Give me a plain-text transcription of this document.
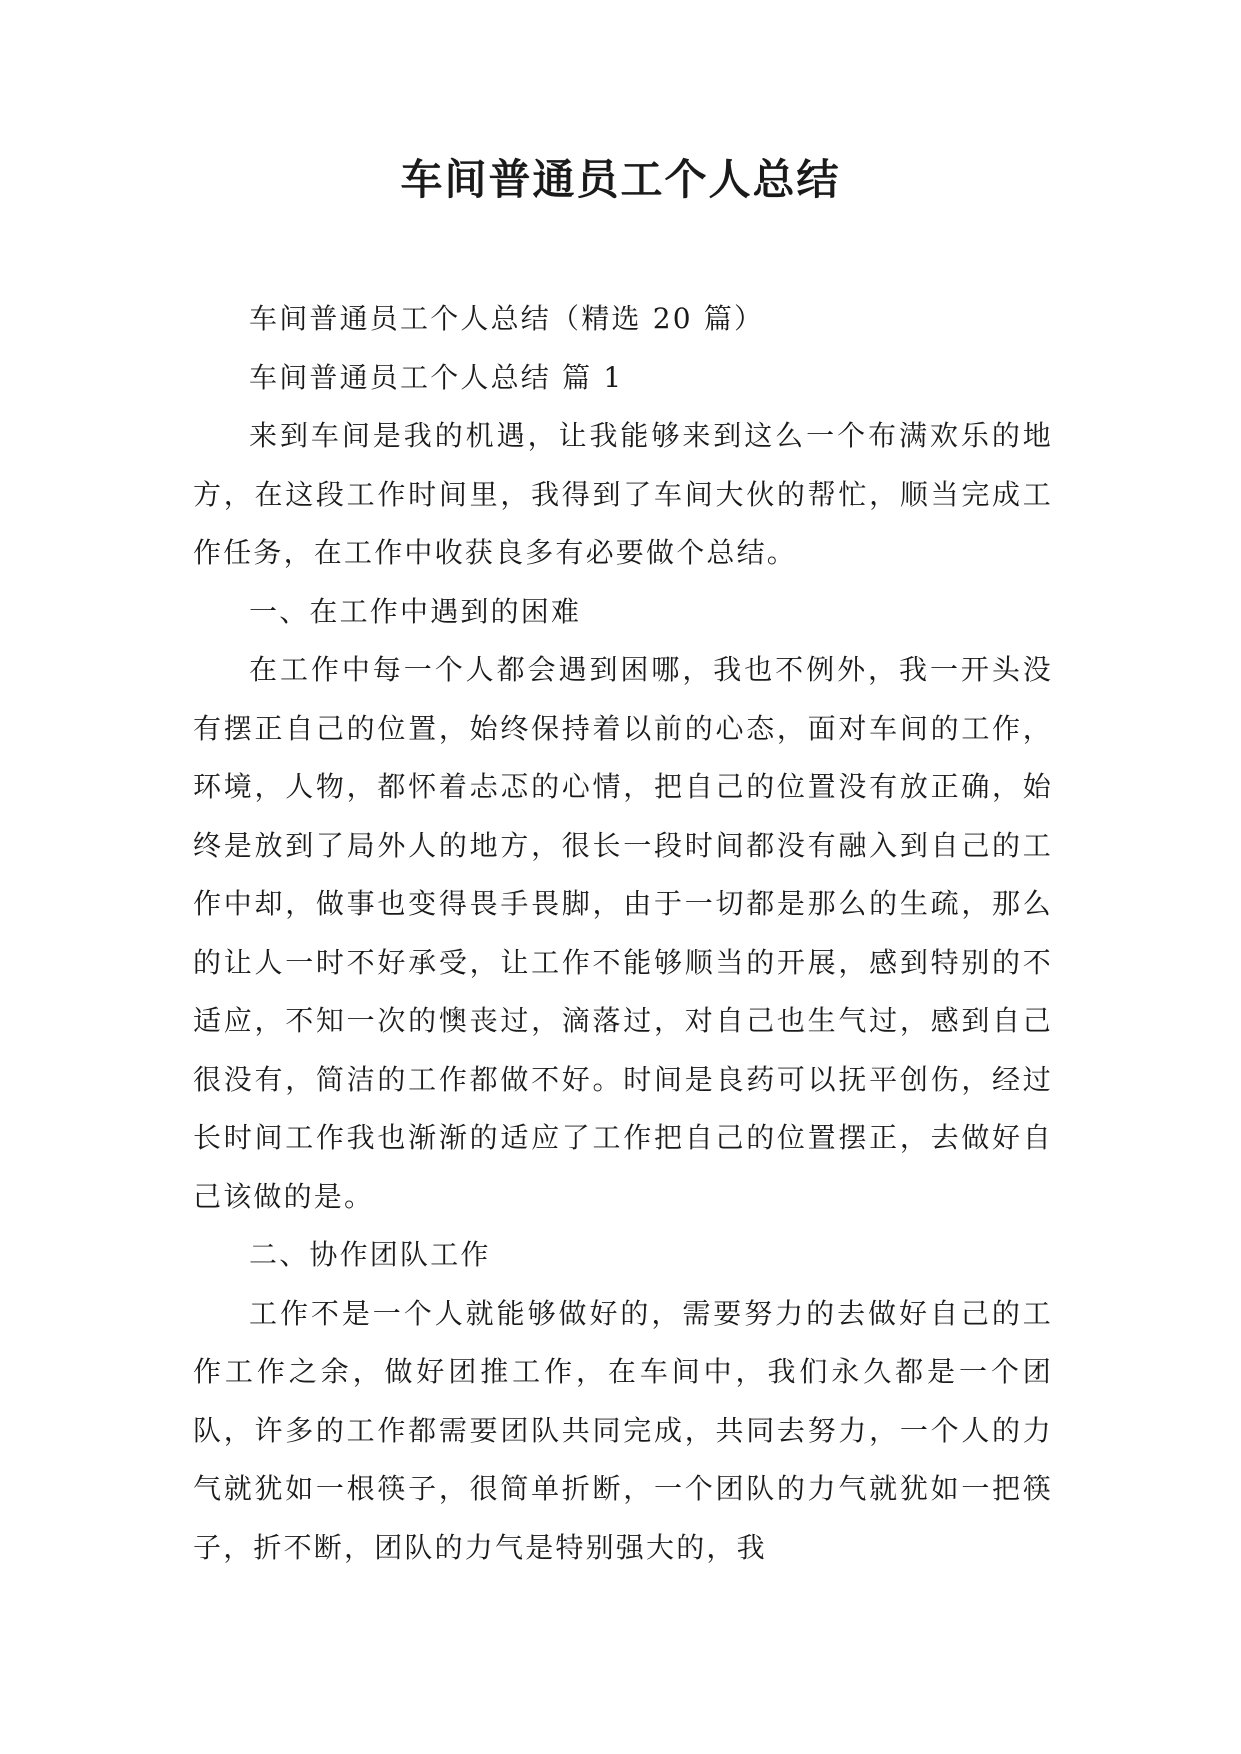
车间普通员工个人总结

车间普通员工个人总结（精选 20 篇）

车间普通员工个人总结 篇 1

来到车间是我的机遇，让我能够来到这么一个布满欢乐的地方，在这段工作时间里，我得到了车间大伙的帮忙，顺当完成工作任务，在工作中收获良多有必要做个总结。

一、在工作中遇到的困难

在工作中每一个人都会遇到困哪，我也不例外，我一开头没有摆正自己的位置，始终保持着以前的心态，面对车间的工作，环境，人物，都怀着忐忑的心情，把自己的位置没有放正确，始终是放到了局外人的地方，很长一段时间都没有融入到自己的工作中却，做事也变得畏手畏脚，由于一切都是那么的生疏，那么的让人一时不好承受，让工作不能够顺当的开展，感到特别的不适应，不知一次的懊丧过，滴落过，对自己也生气过，感到自己很没有，简洁的工作都做不好。时间是良药可以抚平创伤，经过长时间工作我也渐渐的适应了工作把自己的位置摆正，去做好自己该做的是。

二、协作团队工作

工作不是一个人就能够做好的，需要努力的去做好自己的工作工作之余，做好团推工作，在车间中，我们永久都是一个团队，许多的工作都需要团队共同完成，共同去努力，一个人的力气就犹如一根筷子，很简单折断，一个团队的力气就犹如一把筷子，折不断，团队的力气是特别强大的，我
